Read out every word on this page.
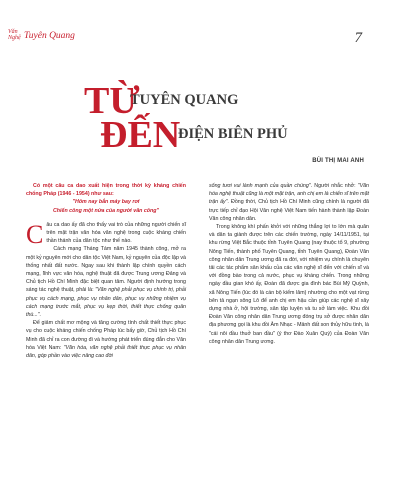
Văn Nghệ Tuyên Quang	7
TỪ
TUYÊN QUANG
ĐẾN
ĐIỆN BIÊN PHỦ
BÙI THỊ MAI ANH

Có một câu ca dao xuất hiện trong thời kỳ kháng chiến chống Pháp (1946 - 1954) như sau:

"Hôm nay bắn máy bay rơi

Chiến công một nửa của người văn công"

Câu ca dao ấy đã cho thấy vai trò của những người chiến sĩ trên mặt trận văn hóa văn nghệ trong cuộc kháng chiến thần thánh của dân tộc như thế nào.

Cách mạng Tháng Tám năm 1945 thành công, mở ra một kỷ nguyên mới cho dân tộc Việt Nam, kỷ nguyên của độc lập và thống nhất đất nước. Ngay sau khi thành lập chính quyền cách mạng, lĩnh vực văn hóa, nghệ thuật đã được Trung ương Đảng và Chủ tịch Hồ Chí Minh đặc biệt quan tâm. Người định hướng trong sáng tác nghệ thuật, phải là: "Văn nghệ phải phục vụ chính trị, phải phục vụ cách mạng, phục vụ nhân dân, phục vụ những nhiệm vụ cách mạng trước mắt, phục vụ kẹp thời, thiết thực chống quân thù...".

Để giảm chất mơ mộng và tăng cường tính chất thiết thực phục vụ cho cuộc kháng chiến chống Pháp lúc bấy giờ, Chủ tịch Hồ Chí Minh đã chỉ ra con đường đi và hướng phát triển đúng đắn cho Văn hóa Việt Nam: "Văn hóa, văn nghệ phải thiết thực phục vụ nhân dân, góp phần vào việc nâng cao đời

sống tươi vui lành mạnh của quần chúng". Người nhắc nhở: "Văn hóa nghệ thuật cũng là một mặt trận, anh chị em là chiến sĩ trên mặt trận ấy". Đồng thời, Chủ tịch Hồ Chí Minh cũng chính là người đã trực tiếp chỉ đạo Hội Văn nghệ Việt Nam tiến hành thành lập Đoàn Văn công nhân dân.

Trong không khí phấn khởi với những thắng lợi to lớn mà quân và dân ta giành được trên các chiến trường, ngày 14/11/1951, tại khu rừng Việt Bắc thuộc tỉnh Tuyên Quang (nay thuộc tổ 9, phường Nông Tiến, thành phố Tuyên Quang, tỉnh Tuyên Quang), Đoàn Văn công nhân dân Trung ương đã ra đời, với nhiệm vụ chính là chuyên tải các tác phẩm sân khấu của các văn nghệ sĩ đến với chiến sĩ và với đồng bào trong cả nước, phục vụ kháng chiến. Trong những ngày đầu gian khó ấy, Đoàn đã được gia đình bác Bùi Mỹ Quỳnh, xã Nông Tiến (lúc đó là cán bộ kiểm lâm) nhường cho một vạt rừng bên tả ngạn sông Lô để anh chị em hậu cần giúp các nghệ sĩ xây dựng nhà ở, hội trường, sân tập luyện và tu sở làm việc. Khu đồi Đoàn Văn công nhân dân Trung ương đóng trụ sở được nhân dân địa phương gọi là khu đồi Âm Nhạc - Mảnh đất son thủy hữu tình, là "cái nôi đầu thuở ban đầu" (ý thơ Đào Xuân Quý) của Đoàn Văn công nhân dân Trung ương.
